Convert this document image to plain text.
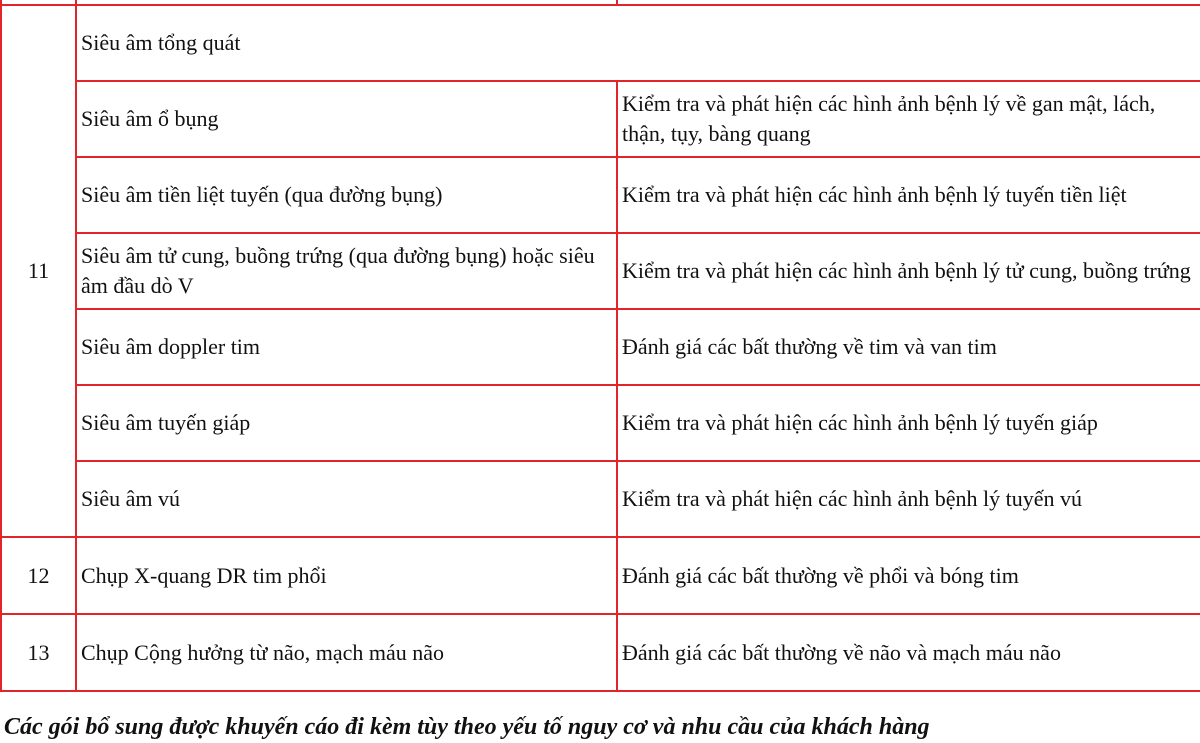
11	Siêu âm tổng quát	
	Siêu âm ổ bụng	Kiểm tra và phát hiện các hình ảnh bệnh lý về gan mật, lách, thận, tụy, bàng quang
	Siêu âm tiền liệt tuyến (qua đường bụng)	Kiểm tra và phát hiện các hình ảnh bệnh lý tuyến tiền liệt
	Siêu âm tử cung, buồng trứng (qua đường bụng) hoặc siêu âm đầu dò V	Kiểm tra và phát hiện các hình ảnh bệnh lý tử cung, buồng trứng
	Siêu âm doppler tim	Đánh giá các bất thường về tim và van tim
	Siêu âm tuyến giáp	Kiểm tra và phát hiện các hình ảnh bệnh lý tuyến giáp
	Siêu âm vú	Kiểm tra và phát hiện các hình ảnh bệnh lý tuyến vú
12	Chụp X-quang DR tim phổi	Đánh giá các bất thường về phổi và bóng tim
13	Chụp Cộng hưởng từ não, mạch máu não	Đánh giá các bất thường về não và mạch máu não
Các gói bổ sung được khuyến cáo đi kèm tùy theo yếu tố nguy cơ và nhu cầu của khách hàng
